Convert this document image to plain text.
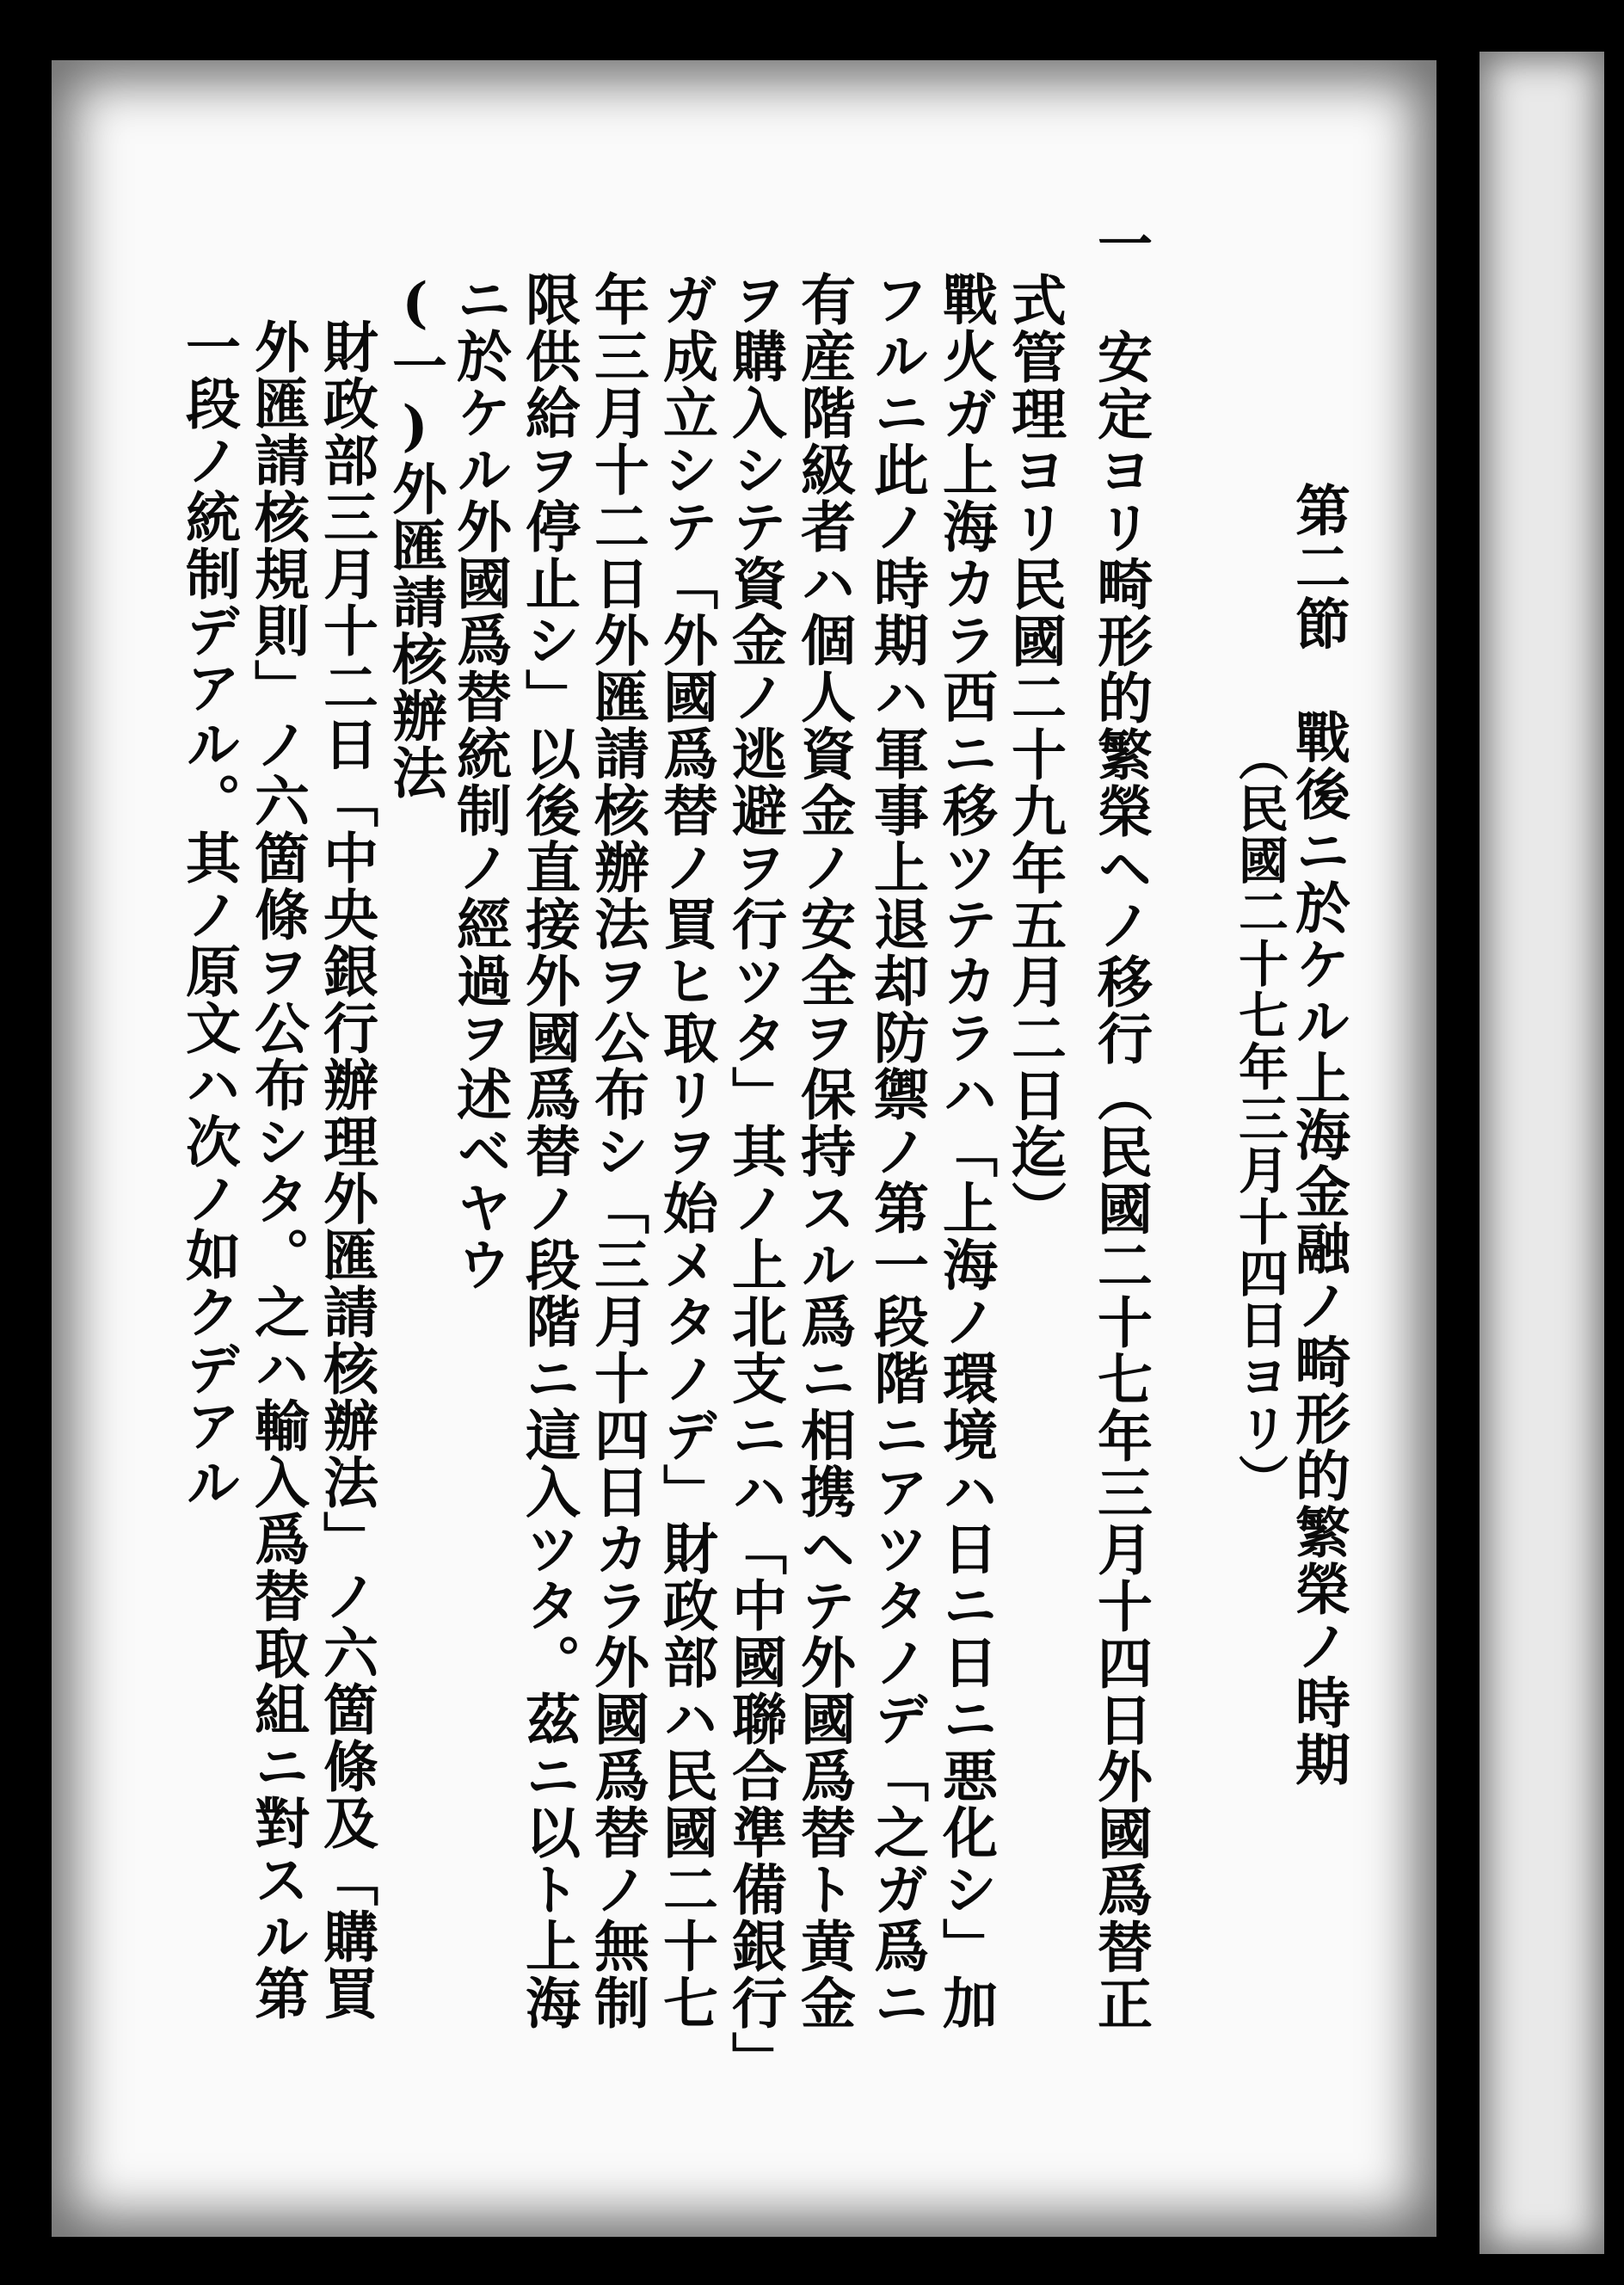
第二節　戰後ニ於ケル上海金融ノ畸形的繁榮ノ時期
（民國二十七年三月十四日ヨリ）
一　安定ヨリ畸形的繁榮ヘノ移行（民國二十七年三月十四日外國爲替正
　式管理ヨリ民國二十九年五月二日迄）
戰火ガ上海カラ西ニ移ツテカラハ「上海ノ環境ハ日ニ日ニ悪化シ」加
フルニ此ノ時期ハ軍事上退却防禦ノ第一段階ニアツタノデ「之ガ爲ニ
有産階級者ハ個人資金ノ安全ヲ保持スル爲ニ相携ヘテ外國爲替ト黄金
ヲ購入シテ資金ノ逃避ヲ行ツタ」其ノ上北支ニハ「中國聯合準備銀行」
ガ成立シテ「外國爲替ノ買ヒ取リヲ始メタノデ」財政部ハ民國二十七
年三月十二日外匯請核辦法ヲ公布シ「三月十四日カラ外國爲替ノ無制
限供給ヲ停止シ」以後直接外國爲替ノ段階ニ這入ツタ。茲ニ以ト上海
ニ於ケル外國爲替統制ノ經過ヲ述ベヤウ
(一)外匯請核辦法
財政部三月十二日「中央銀行辦理外匯請核辦法」ノ六箇條及「購買
外匯請核規則」ノ六箇條ヲ公布シタ。之ハ輸入爲替取組ニ對スル第
一段ノ統制デアル。其ノ原文ハ次ノ如クデアル
